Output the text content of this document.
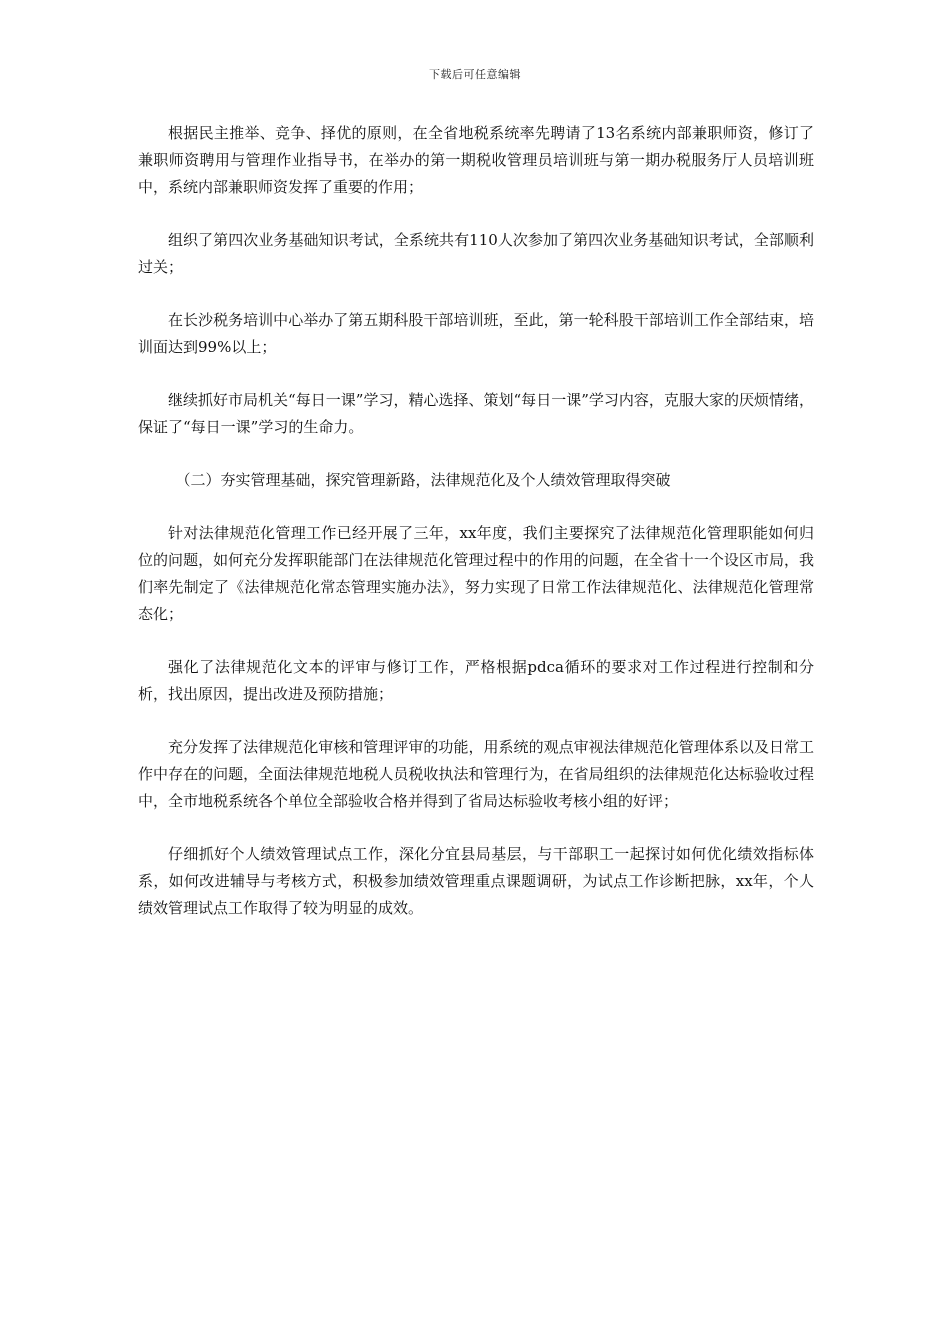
下载后可任意编辑

根据民主推举、竞争、择优的原则，在全省地税系统率先聘请了13名系统内部兼职师资，修订了兼职师资聘用与管理作业指导书，在举办的第一期税收管理员培训班与第一期办税服务厅人员培训班中，系统内部兼职师资发挥了重要的作用；

组织了第四次业务基础知识考试，全系统共有110人次参加了第四次业务基础知识考试，全部顺利过关；

在长沙税务培训中心举办了第五期科股干部培训班，至此，第一轮科股干部培训工作全部结束，培训面达到99%以上；

继续抓好市局机关“每日一课”学习，精心选择、策划“每日一课”学习内容，克服大家的厌烦情绪，保证了“每日一课”学习的生命力。

（二）夯实管理基础，探究管理新路，法律规范化及个人绩效管理取得突破

针对法律规范化管理工作已经开展了三年，xx年度，我们主要探究了法律规范化管理职能如何归位的问题，如何充分发挥职能部门在法律规范化管理过程中的作用的问题，在全省十一个设区市局，我们率先制定了《法律规范化常态管理实施办法》，努力实现了日常工作法律规范化、法律规范化管理常态化；

强化了法律规范化文本的评审与修订工作，严格根据pdca循环的要求对工作过程进行控制和分析，找出原因，提出改进及预防措施；

充分发挥了法律规范化审核和管理评审的功能，用系统的观点审视法律规范化管理体系以及日常工作中存在的问题，全面法律规范地税人员税收执法和管理行为，在省局组织的法律规范化达标验收过程中，全市地税系统各个单位全部验收合格并得到了省局达标验收考核小组的好评；

仔细抓好个人绩效管理试点工作，深化分宜县局基层，与干部职工一起探讨如何优化绩效指标体系，如何改进辅导与考核方式，积极参加绩效管理重点课题调研，为试点工作诊断把脉，xx年，个人绩效管理试点工作取得了较为明显的成效。
